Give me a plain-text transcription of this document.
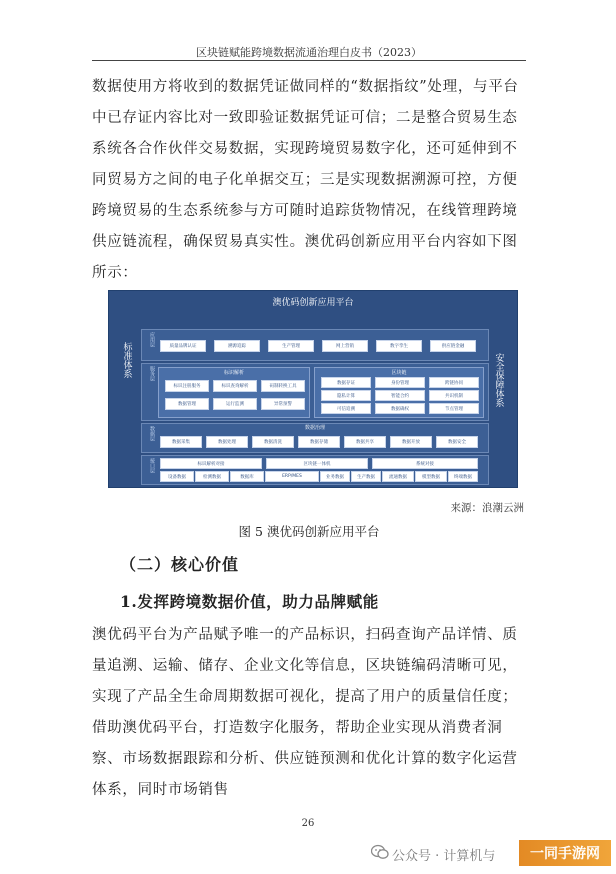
区块链赋能跨境数据流通治理白皮书（2023）
数据使用方将收到的数据凭证做同样的“数据指纹”处理，与平台中已存证内容比对一致即验证数据凭证可信；二是整合贸易生态系统各合作伙伴交易数据，实现跨境贸易数字化，还可延伸到不同贸易方之间的电子化单据交互；三是实现数据溯源可控，方便跨境贸易的生态系统参与方可随时追踪货物情况，在线管理跨境供应链流程，确保贸易真实性。澳优码创新应用平台内容如下图所示：
澳优码创新应用平台
标准体系	安全保障体系
应用层	质量品牌认证	溯源追踪	生产管理	网上营销	数字孪生	供应链金融
服务层	标识解析
标识注册服务	标识查询解析	码制转换工具
数据管理	运行监测	异常预警
区块链
数据存证	身份管理	跨链协同
隐私计算	智能合约	共识机制
可信追溯	数据确权	节点管理
数据层	数据治理
数据采集	数据处理	数据清洗	数据存储	数据共享	数据开放	数据安全
接口层	标识解析对接	区块链一体机	系统对接
设备数据	检测数据	数据库	ERP/MES	业务数据	生产数据	流通数据	模型数据	终端数据
来源：浪潮云洲
图 5 澳优码创新应用平台
（二）核心价值
1.发挥跨境数据价值，助力品牌赋能
澳优码平台为产品赋予唯一的产品标识，扫码查询产品详情、质量追溯、运输、储存、企业文化等信息，区块链编码清晰可见，实现了产品全生命周期数据可视化，提高了用户的质量信任度；借助澳优码平台，打造数字化服务，帮助企业实现从消费者洞察、市场数据跟踪和分析、供应链预测和优化计算的数字化运营体系，同时市场销售
26
公众号 · 计算机与	一同手游网
